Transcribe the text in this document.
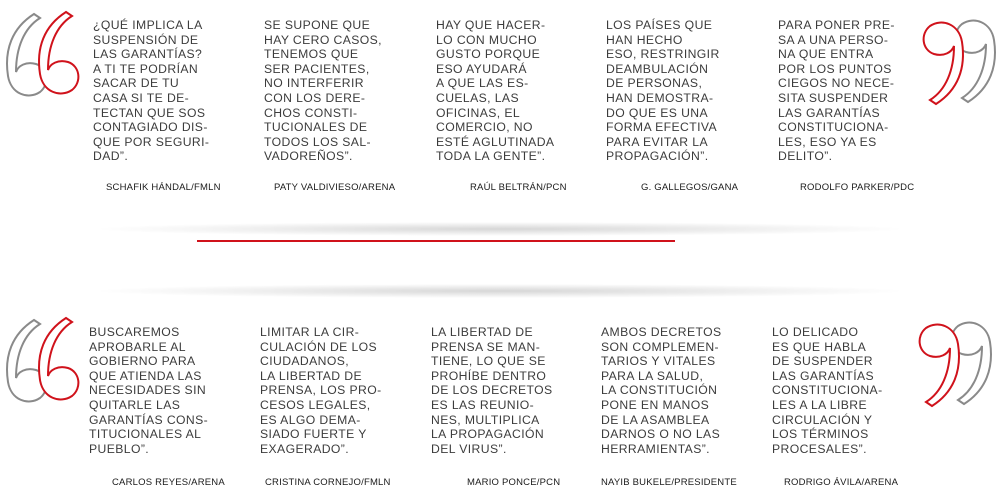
¿QUÉ IMPLICA LA
SUSPENSIÓN DE
LAS GARANTÍAS?
A TI TE PODRÍAN
SACAR DE TU
CASA SI TE DE-
TECTAN QUE SOS
CONTAGIADO DIS-
QUE POR SEGURI-
DAD”.

SCHAFIK HÁNDAL/FMLN

SE SUPONE QUE
HAY CERO CASOS,
TENEMOS QUE
SER PACIENTES,
NO INTERFERIR
CON LOS DERE-
CHOS CONSTI-
TUCIONALES DE
TODOS LOS SAL-
VADOREÑOS”.

PATY VALDIVIESO/ARENA

HAY QUE HACER-
LO CON MUCHO
GUSTO PORQUE
ESO AYUDARÁ
A QUE LAS ES-
CUELAS, LAS
OFICINAS, EL
COMERCIO, NO
ESTÉ AGLUTINADA
TODA LA GENTE”.

RAÚL BELTRÁN/PCN

LOS PAÍSES QUE
HAN HECHO
ESO, RESTRINGIR
DEAMBULACIÓN
DE PERSONAS,
HAN DEMOSTRA-
DO QUE ES UNA
FORMA EFECTIVA
PARA EVITAR LA
PROPAGACIÓN”.

G. GALLEGOS/GANA

PARA PONER PRE-
SA A UNA PERSO-
NA QUE ENTRA
POR LOS PUNTOS
CIEGOS NO NECE-
SITA SUSPENDER
LAS GARANTÍAS
CONSTITUCIONA-
LES, ESO YA ES
DELITO”.

RODOLFO PARKER/PDC

BUSCAREMOS
APROBARLE AL
GOBIERNO PARA
QUE ATIENDA LAS
NECESIDADES SIN
QUITARLE LAS
GARANTÍAS CONS-
TITUCIONALES AL
PUEBLO”.

CARLOS REYES/ARENA

LIMITAR LA CIR-
CULACIÓN DE LOS
CIUDADANOS,
LA LIBERTAD DE
PRENSA, LOS PRO-
CESOS LEGALES,
ES ALGO DEMA-
SIADO FUERTE Y
EXAGERADO”.

CRISTINA CORNEJO/FMLN

LA LIBERTAD DE
PRENSA SE MAN-
TIENE, LO QUE SE
PROHÍBE DENTRO
DE LOS DECRETOS
ES LAS REUNIO-
NES, MULTIPLICA
LA PROPAGACIÓN
DEL VIRUS”.

MARIO PONCE/PCN

AMBOS DECRETOS
SON COMPLEMEN-
TARIOS Y VITALES
PARA LA SALUD,
LA CONSTITUCIÓN
PONE EN MANOS
DE LA ASAMBLEA
DARNOS O NO LAS
HERRAMIENTAS”.

NAYIB BUKELE/PRESIDENTE

LO DELICADO
ES QUE HABLA
DE SUSPENDER
LAS GARANTÍAS
CONSTITUCIONA-
LES A LA LIBRE
CIRCULACIÓN Y
LOS TÉRMINOS
PROCESALES”.

RODRIGO ÁVILA/ARENA
